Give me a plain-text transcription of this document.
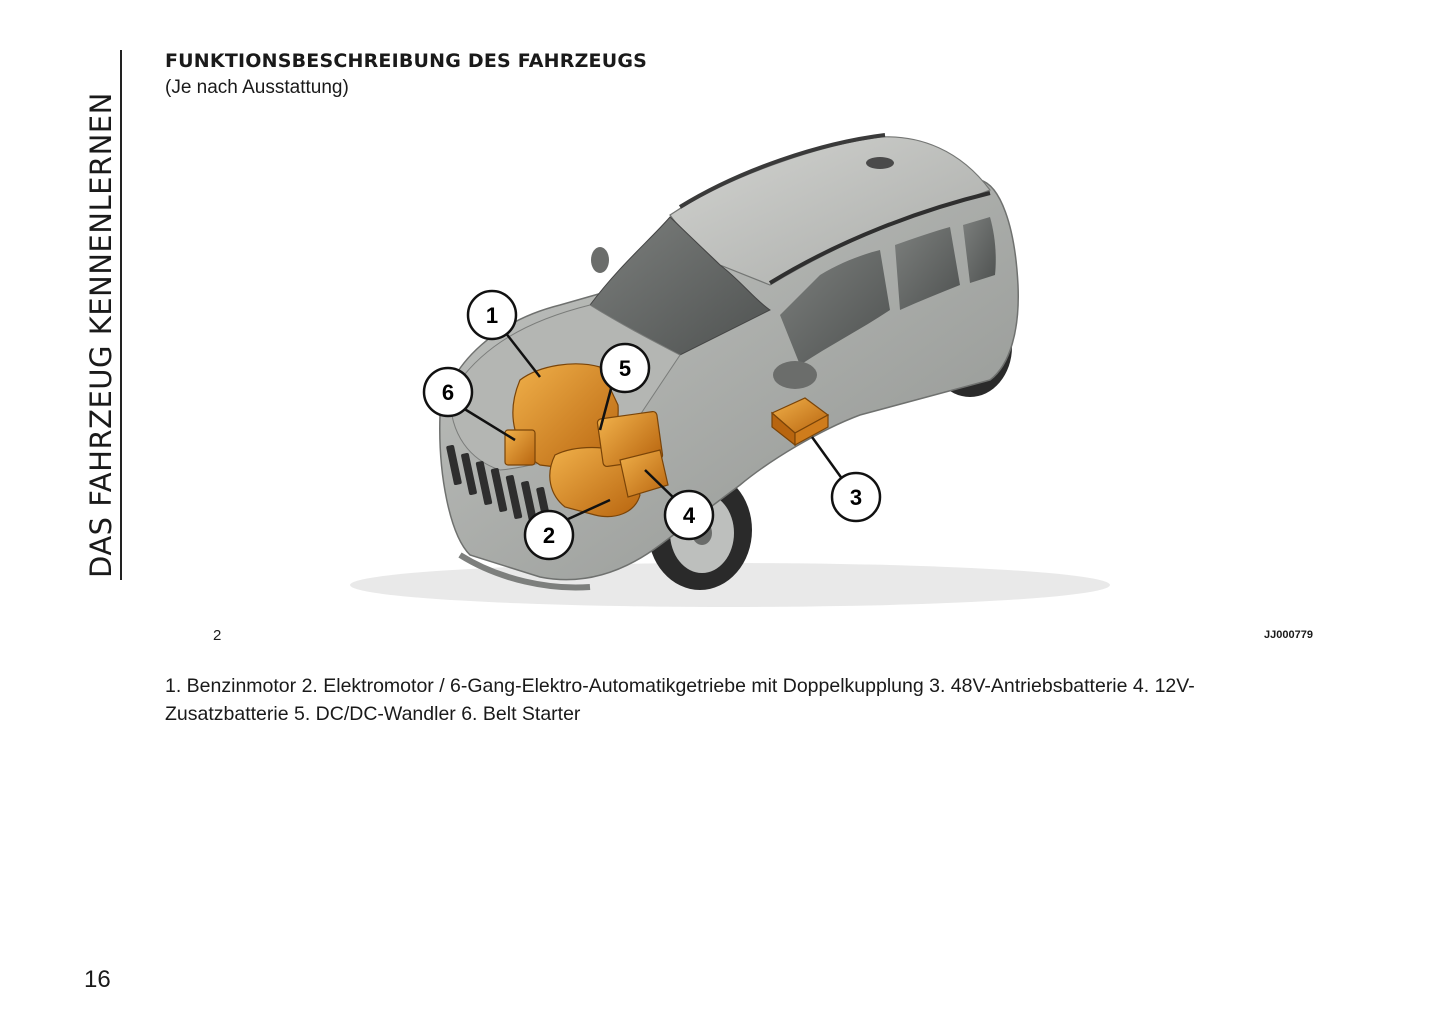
DAS FAHRZEUG KENNENLERNEN
FUNKTIONSBESCHREIBUNG DES FAHRZEUGS
(Je nach Ausstattung)
1
6
5
2
4
3
2	JJ000779
1. Benzinmotor 2. Elektromotor / 6-Gang-Elektro-Automatikgetriebe mit Doppelkupplung 3. 48V-Antriebsbatterie 4. 12V-Zusatzbatterie 5. DC/DC-Wandler 6. Belt Starter
16
